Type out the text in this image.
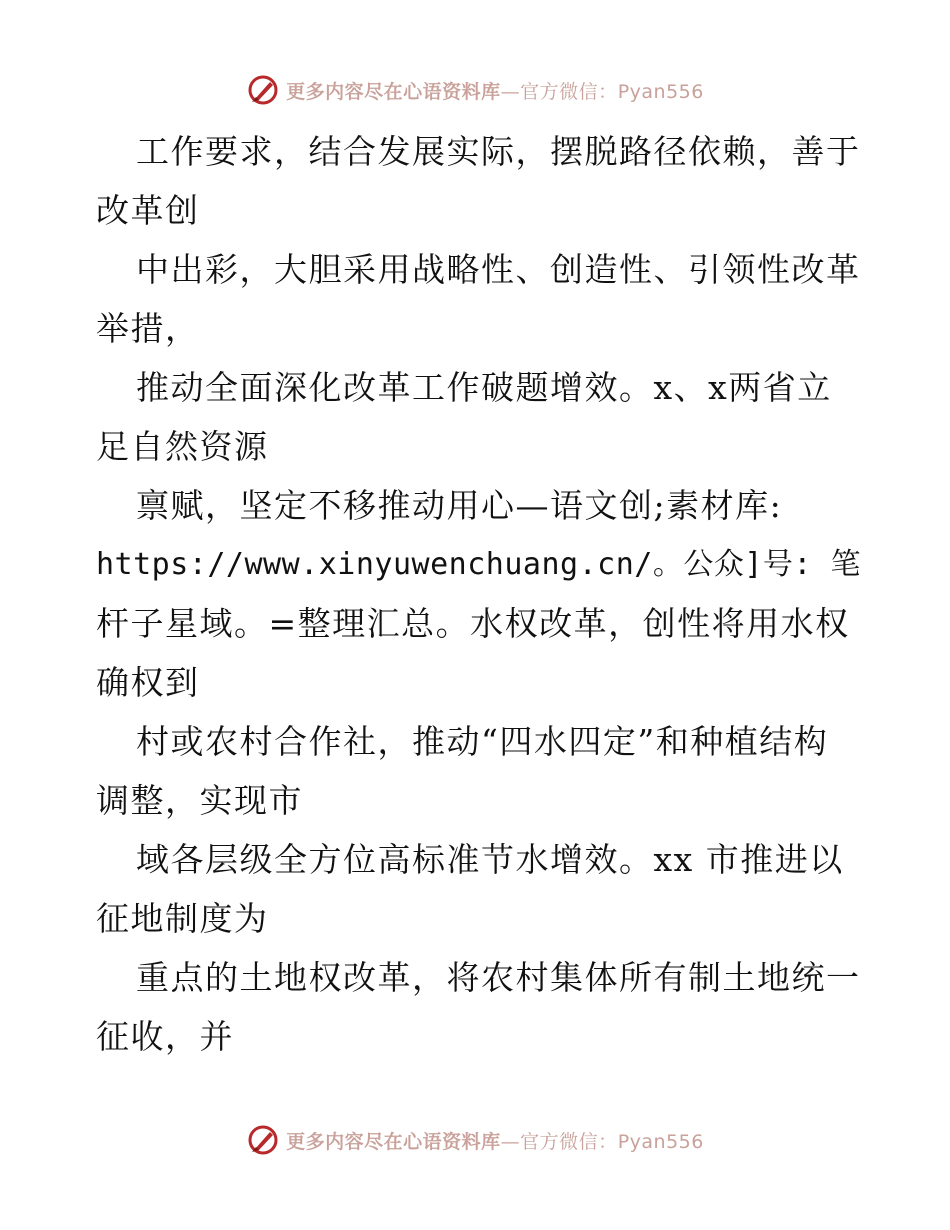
更多内容尽在心语资料库—官方微信：Pyan556
工作要求，结合发展实际，摆脱路径依赖，善于
改革创
中出彩，大胆采用战略性、创造性、引领性改革
举措，
推动全面深化改革工作破题增效。x、x两省立
足自然资源
禀赋，坚定不移推动用心—语文创;素材库:
https://www.xinyuwenchuang.cn/。公众]号: 笔
杆子星域。=整理汇总。水权改革，创性将用水权
确权到
村或农村合作社，推动“四水四定”和种植结构
调整，实现市
域各层级全方位高标准节水增效。xx 市推进以
征地制度为
重点的土地权改革，将农村集体所有制土地统一
征收，并
更多内容尽在心语资料库—官方微信：Pyan556
